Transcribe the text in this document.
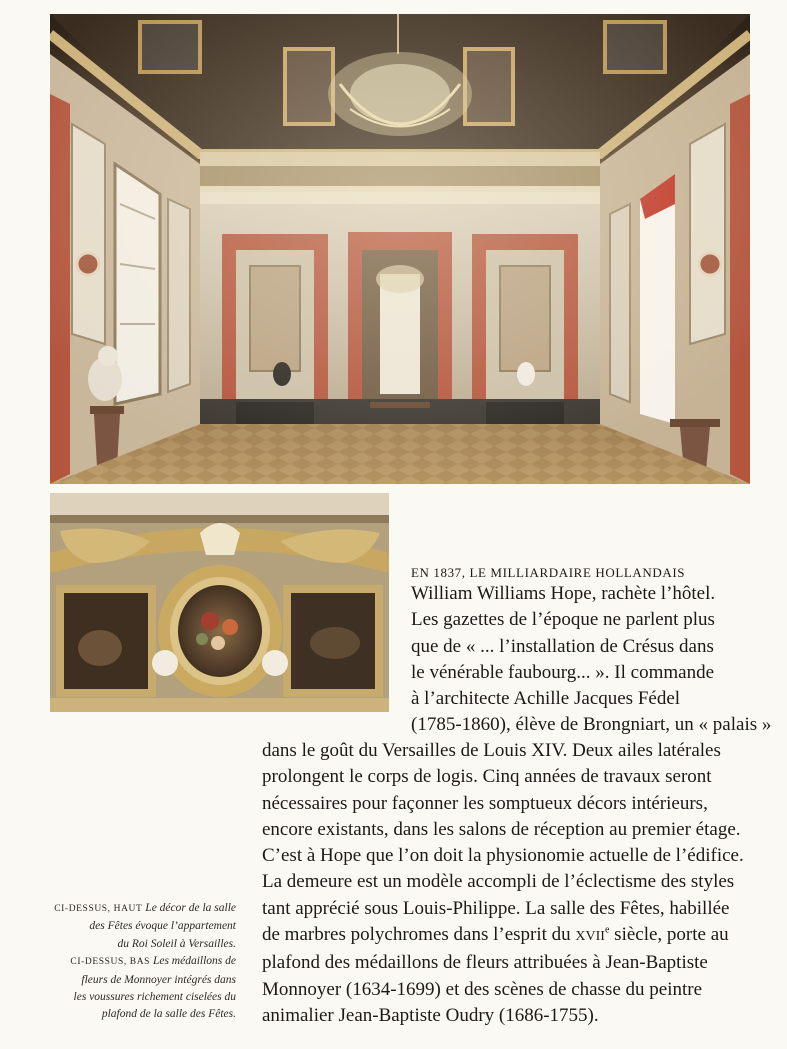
EN 1837, LE MILLIARDAIRE HOLLANDAIS
William Williams Hope, rachète l’hôtel.
Les gazettes de l’époque ne parlent plus
que de « ... l’installation de Crésus dans
le vénérable faubourg... ». Il commande
à l’architecte Achille Jacques Fédel
(1785-1860), élève de Brongniart, un « palais »
dans le goût du Versailles de Louis XIV. Deux ailes latérales
prolongent le corps de logis. Cinq années de travaux seront
nécessaires pour façonner les somptueux décors intérieurs,
encore existants, dans les salons de réception au premier étage.
C’est à Hope que l’on doit la physionomie actuelle de l’édifice.
La demeure est un modèle accompli de l’éclectisme des styles
tant apprécié sous Louis-Philippe. La salle des Fêtes, habillée
de marbres polychromes dans l’esprit du XVIIe siècle, porte au
plafond des médaillons de fleurs attribuées à Jean-Baptiste
Monnoyer (1634-1699) et des scènes de chasse du peintre
animalier Jean-Baptiste Oudry (1686-1755).
CI-DESSUS, HAUT Le décor de la salle
des Fêtes évoque l’appartement
du Roi Soleil à Versailles.
CI-DESSUS, BAS Les médaillons de
fleurs de Monnoyer intégrés dans
les voussures richement ciselées du
plafond de la salle des Fêtes.
